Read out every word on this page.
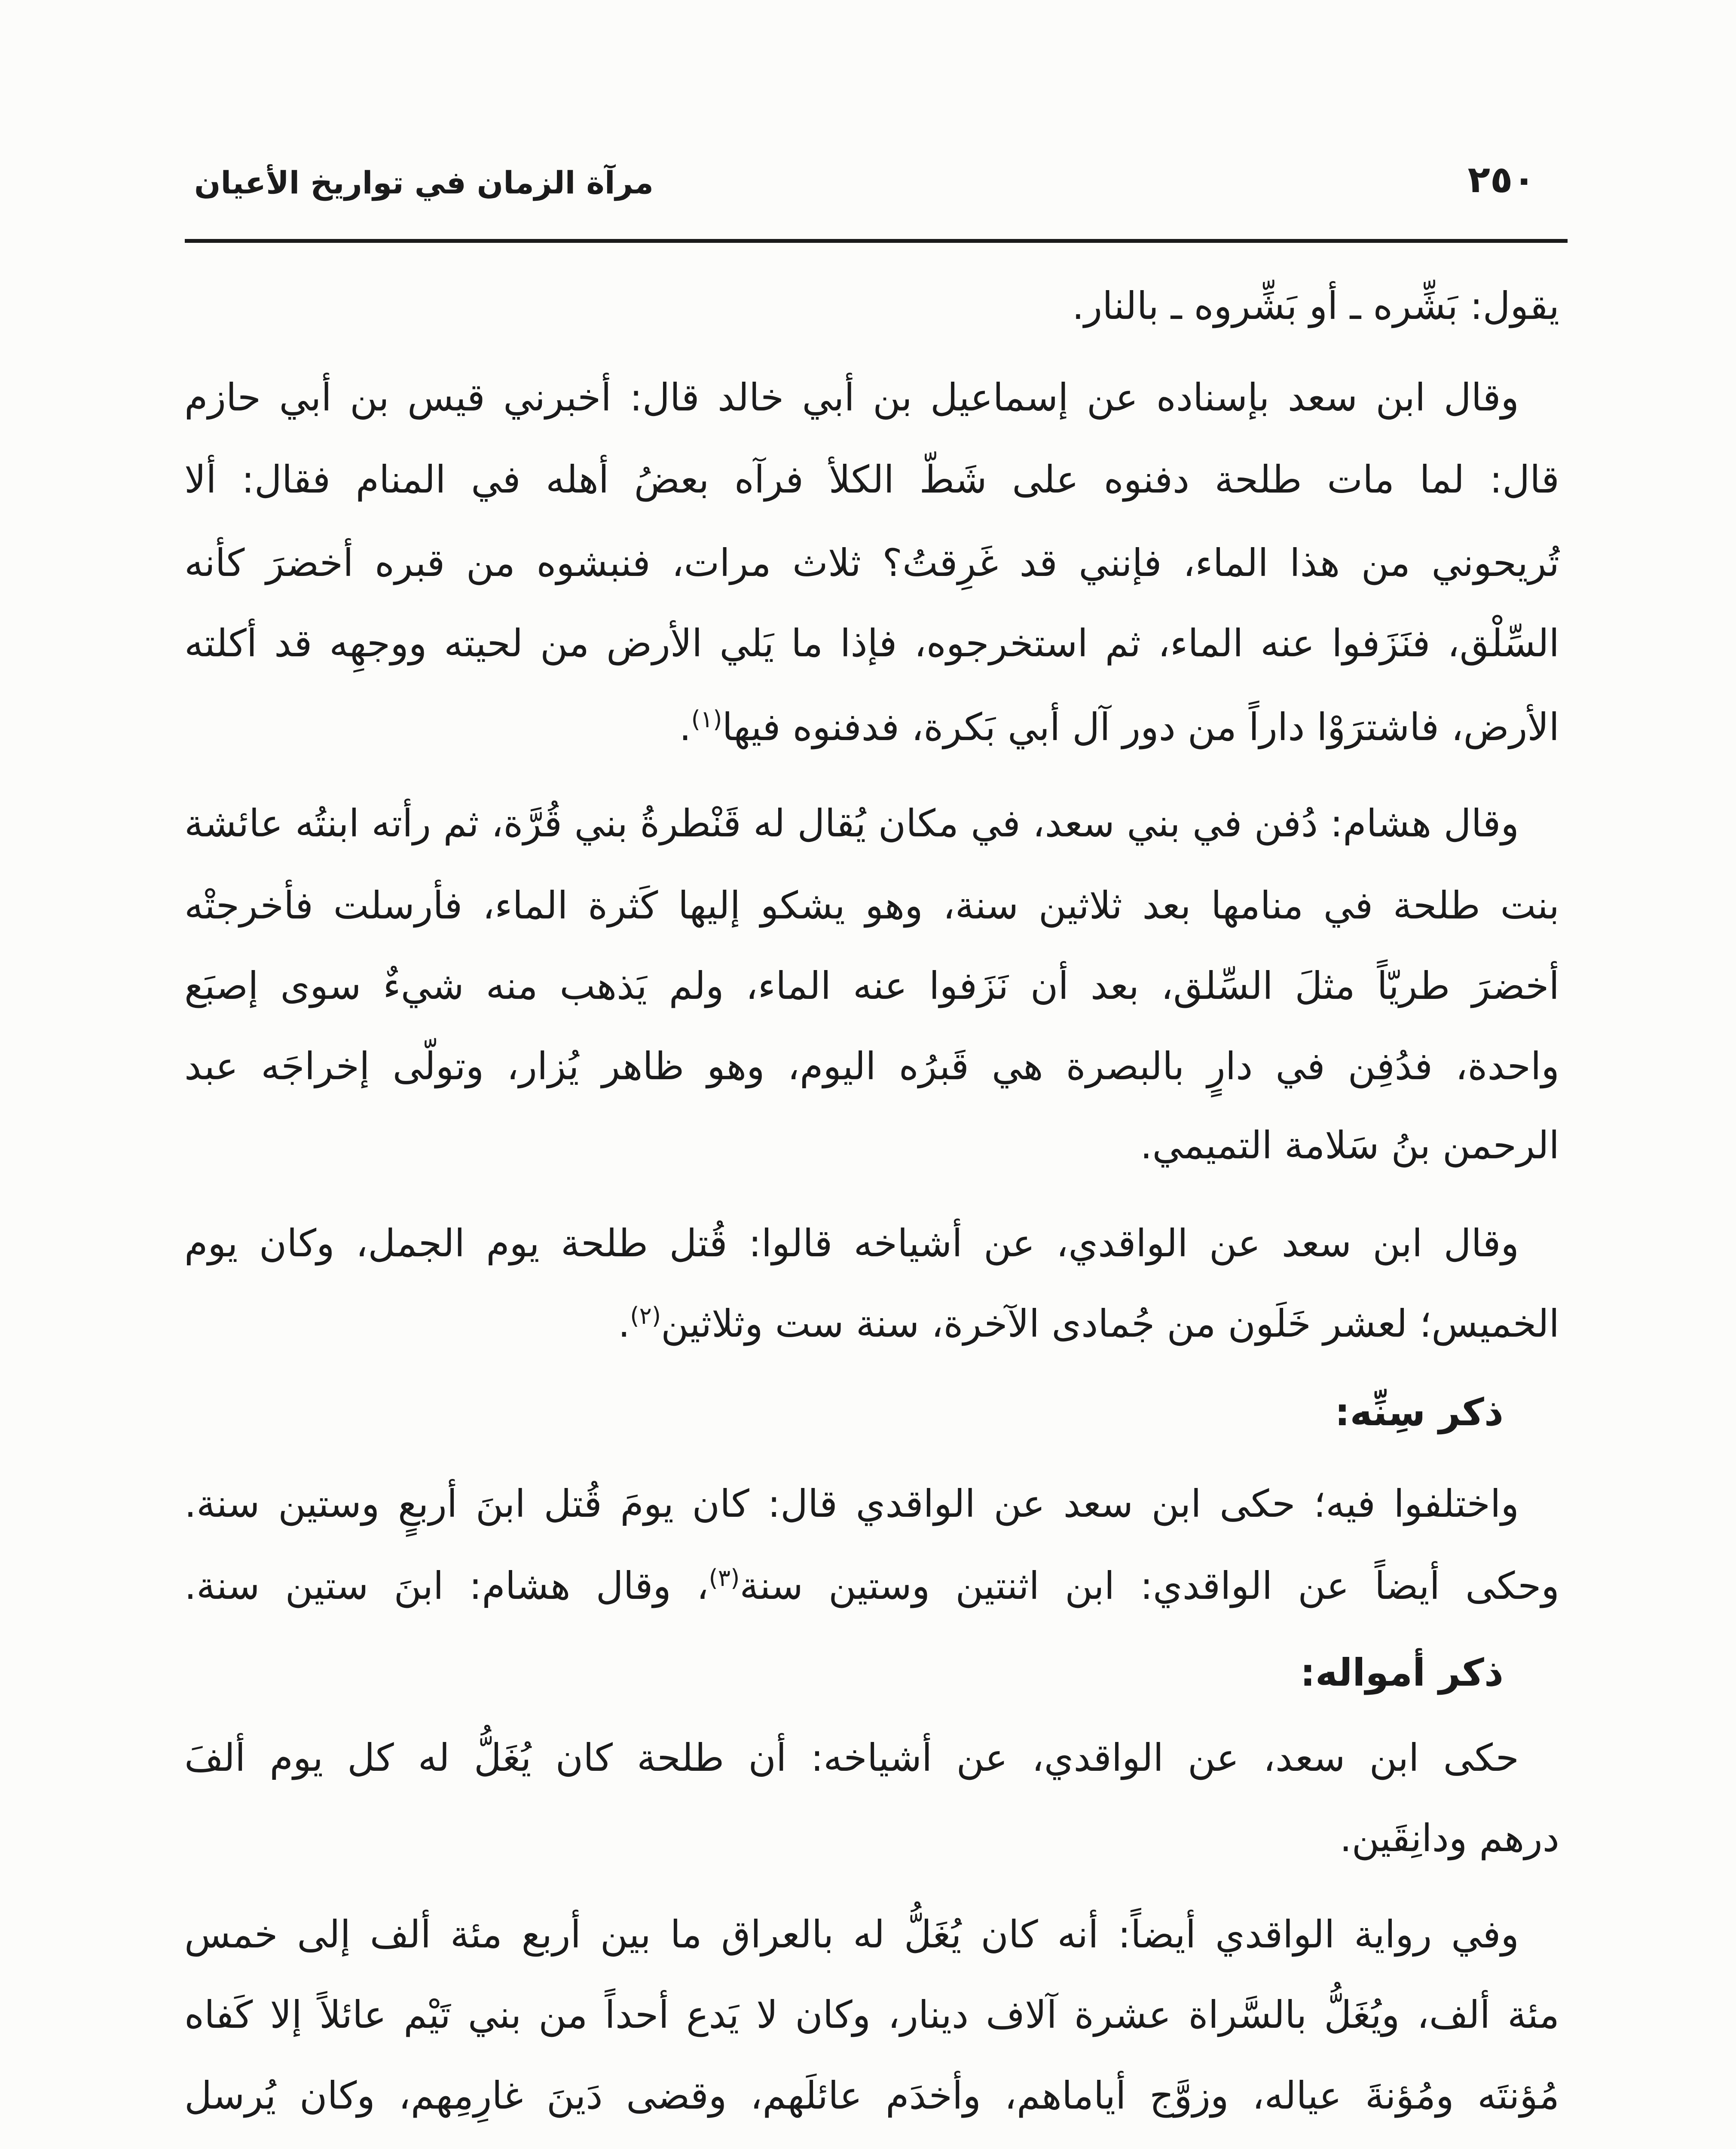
٢٥٠
مرآة الزمان في تواريخ الأعيان
يقول: بَشِّره ـ أو بَشِّروه ـ بالنار.
وقال ابن سعد بإسناده عن إسماعيل بن أبي خالد قال: أخبرني قيس بن أبي حازم
قال: لما مات طلحة دفنوه على شَطّ الكلأ فرآه بعضُ أهله في المنام فقال: ألا
تُريحوني من هذا الماء، فإنني قد غَرِقتُ؟ ثلاث مرات، فنبشوه من قبره أخضرَ كأنه
السِّلْق، فنَزَفوا عنه الماء، ثم استخرجوه، فإذا ما يَلي الأرض من لحيته ووجهِه قد أكلته
الأرض، فاشترَوْا داراً من دور آل أبي بَكرة، فدفنوه فيها$^{(١)}$.
وقال هشام: دُفن في بني سعد، في مكان يُقال له قَنْطرةُ بني قُرَّة، ثم رأته ابنتُه عائشة
بنت طلحة في منامها بعد ثلاثين سنة، وهو يشكو إليها كَثرة الماء، فأرسلت فأخرجتْه
أخضرَ طريّاً مثلَ السِّلق، بعد أن نَزَفوا عنه الماء، ولم يَذهب منه شيءٌ سوى إصبَع
واحدة، فدُفِن في دارٍ بالبصرة هي قَبرُه اليوم، وهو ظاهر يُزار، وتولّى إخراجَه عبد
الرحمن بنُ سَلامة التميمي.
وقال ابن سعد عن الواقدي، عن أشياخه قالوا: قُتل طلحة يوم الجمل، وكان يوم
الخميس؛ لعشر خَلَون من جُمادى الآخرة، سنة ست وثلاثين$^{(٢)}$.
ذكر سِنِّه:
واختلفوا فيه؛ حكى ابن سعد عن الواقدي قال: كان يومَ قُتل ابنَ أربعٍ وستين سنة.
وحكى أيضاً عن الواقدي: ابن اثنتين وستين سنة$^{(٣)}$، وقال هشام: ابنَ ستين سنة.
ذكر أمواله:
حكى ابن سعد، عن الواقدي، عن أشياخه: أن طلحة كان يُغَلُّ له كل يوم ألفَ
درهم ودانِقَين.
وفي رواية الواقدي أيضاً: أنه كان يُغَلُّ له بالعراق ما بين أربع مئة ألف إلى خمس
مئة ألف، ويُغَلُّ بالسَّراة عشرة آلاف دينار، وكان لا يَدع أحداً من بني تَيْم عائلاً إلا كَفاه
مُؤنتَه ومُؤنةَ عياله، وزوَّج أياماهم، وأخدَم عائلَهم، وقضى دَينَ غارِمِهم، وكان يُرسل
